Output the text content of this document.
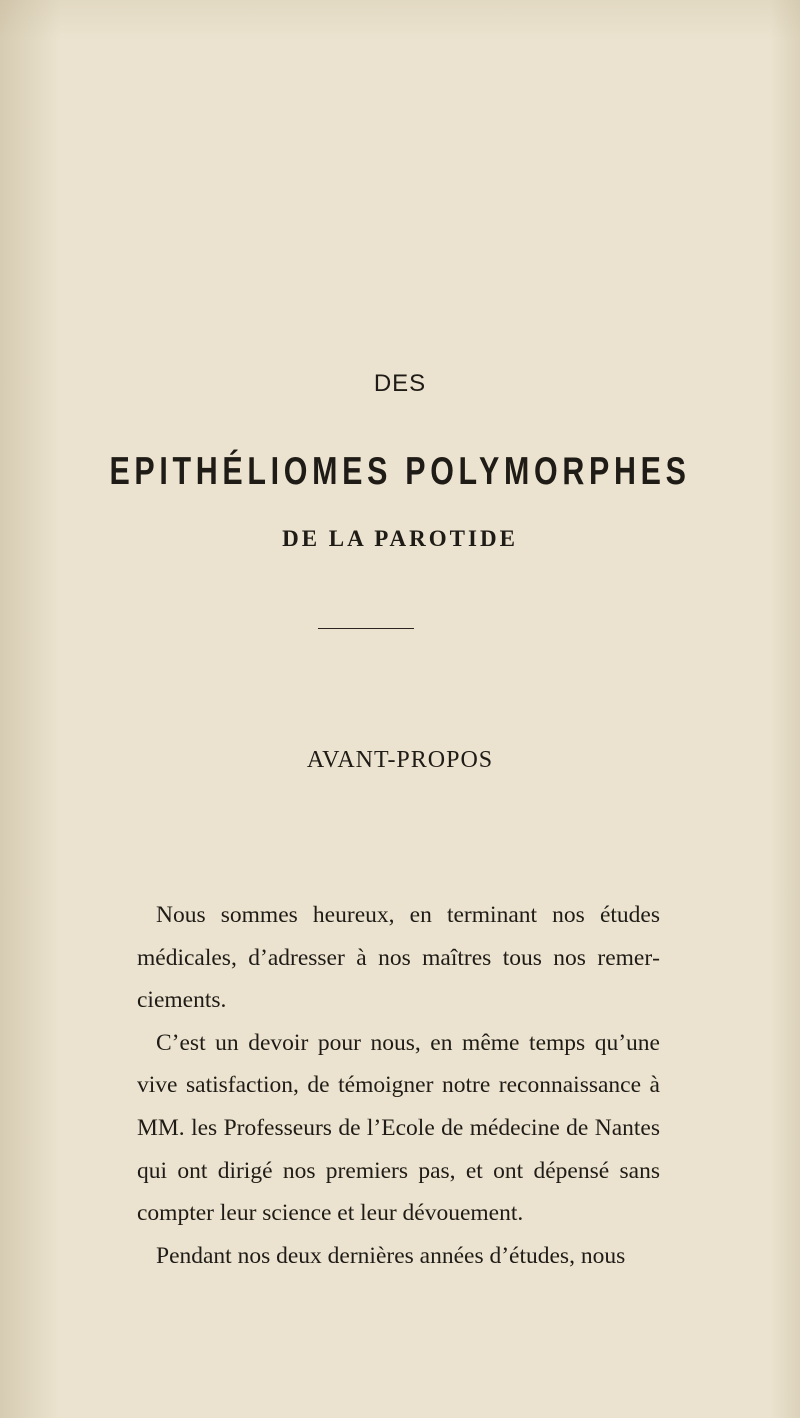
DES
EPITHÉLIOMES POLYMORPHES
DE LA PAROTIDE
AVANT-PROPOS

Nous sommes heureux, en terminant nos études médicales, d’adresser à nos maîtres tous nos remerciements.

C’est un devoir pour nous, en même temps qu’une vive satisfaction, de témoigner notre reconnaissance à MM. les Professeurs de l’Ecole de médecine de Nantes qui ont dirigé nos premiers pas, et ont dépensé sans compter leur science et leur dévouement.

Pendant nos deux dernières années d’études, nous
